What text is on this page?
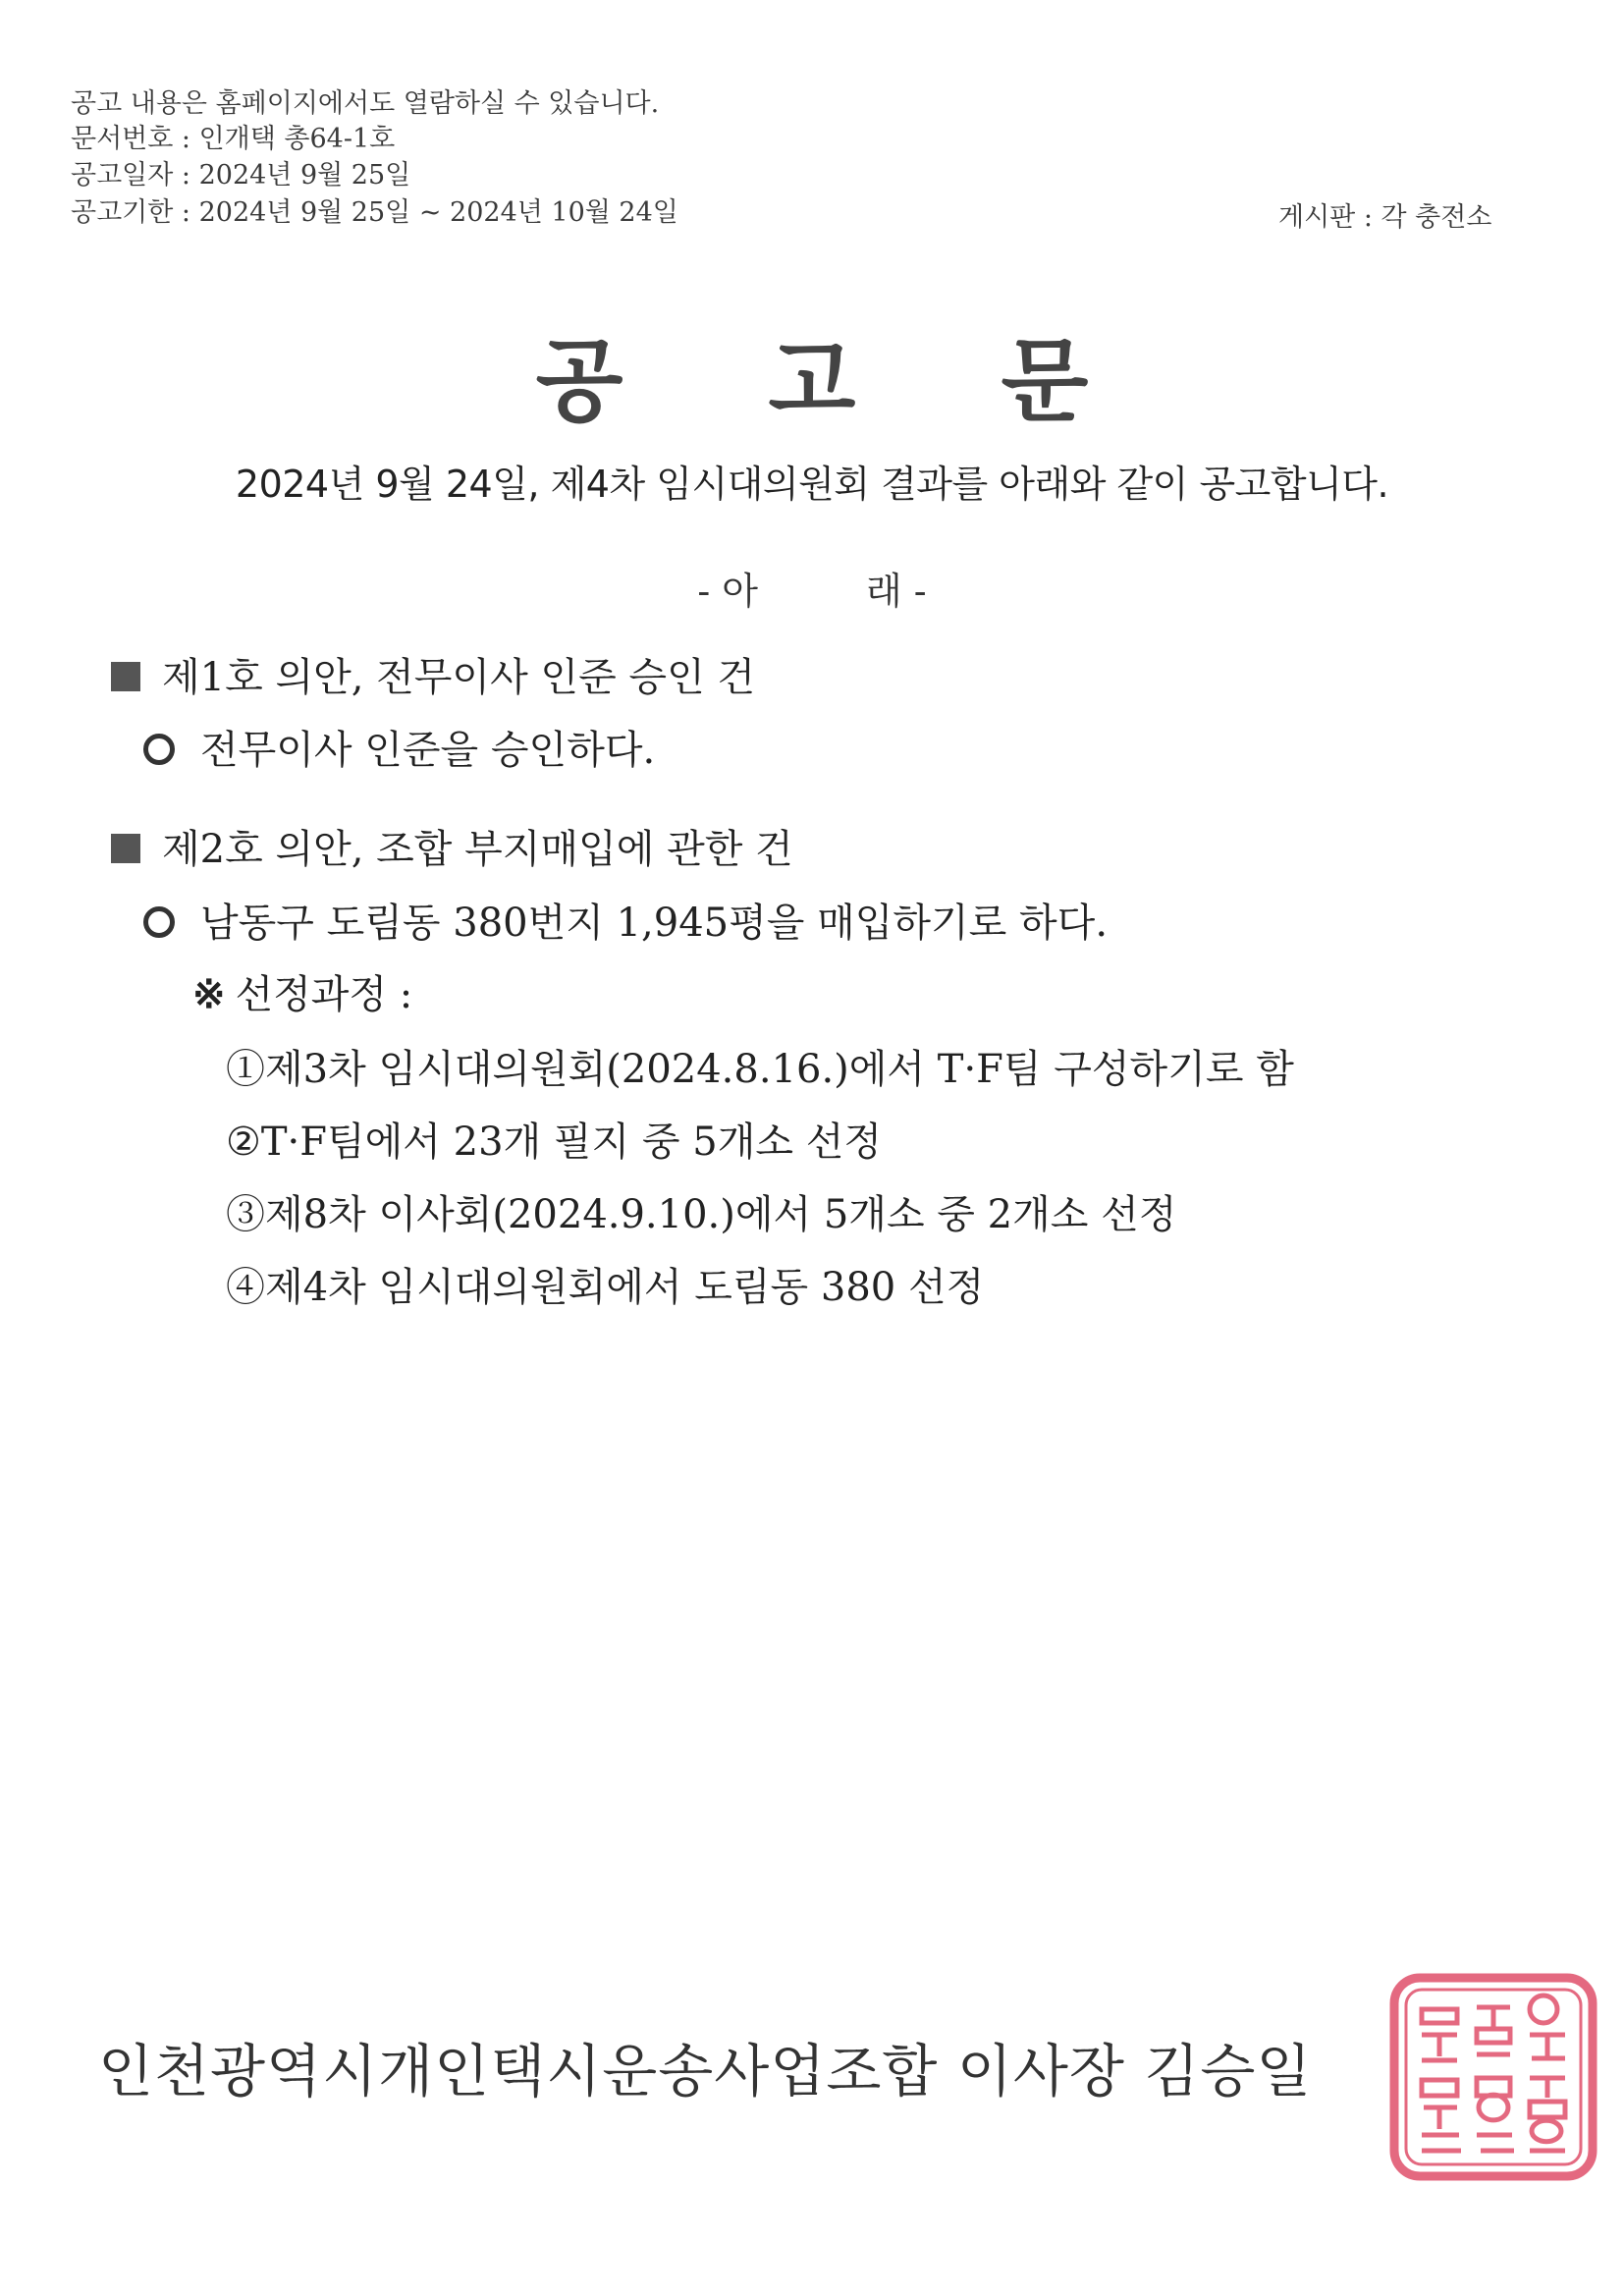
공고 내용은 홈페이지에서도 열람하실 수 있습니다.
문서번호 : 인개택 총64-1호
공고일자 : 2024년 9월 25일
공고기한 : 2024년 9월 25일 ~ 2024년 10월 24일	게시판 : 각 충전소
공 고 문
2024년 9월 24일, 제4차 임시대의원회 결과를 아래와 같이 공고합니다.
- 아	래 -
제1호 의안, 전무이사 인준 승인 건
전무이사 인준을 승인하다.
제2호 의안, 조합 부지매입에 관한 건
남동구 도림동 380번지 1,945평을 매입하기로 하다.
※ 선정과정 :
①제3차 임시대의원회(2024.8.16.)에서 T·F팀 구성하기로 함
②T·F팀에서 23개 필지 중 5개소 선정
③제8차 이사회(2024.9.10.)에서 5개소 중 2개소 선정
④제4차 임시대의원회에서 도림동 380 선정
인천광역시개인택시운송사업조합 이사장 김승일
